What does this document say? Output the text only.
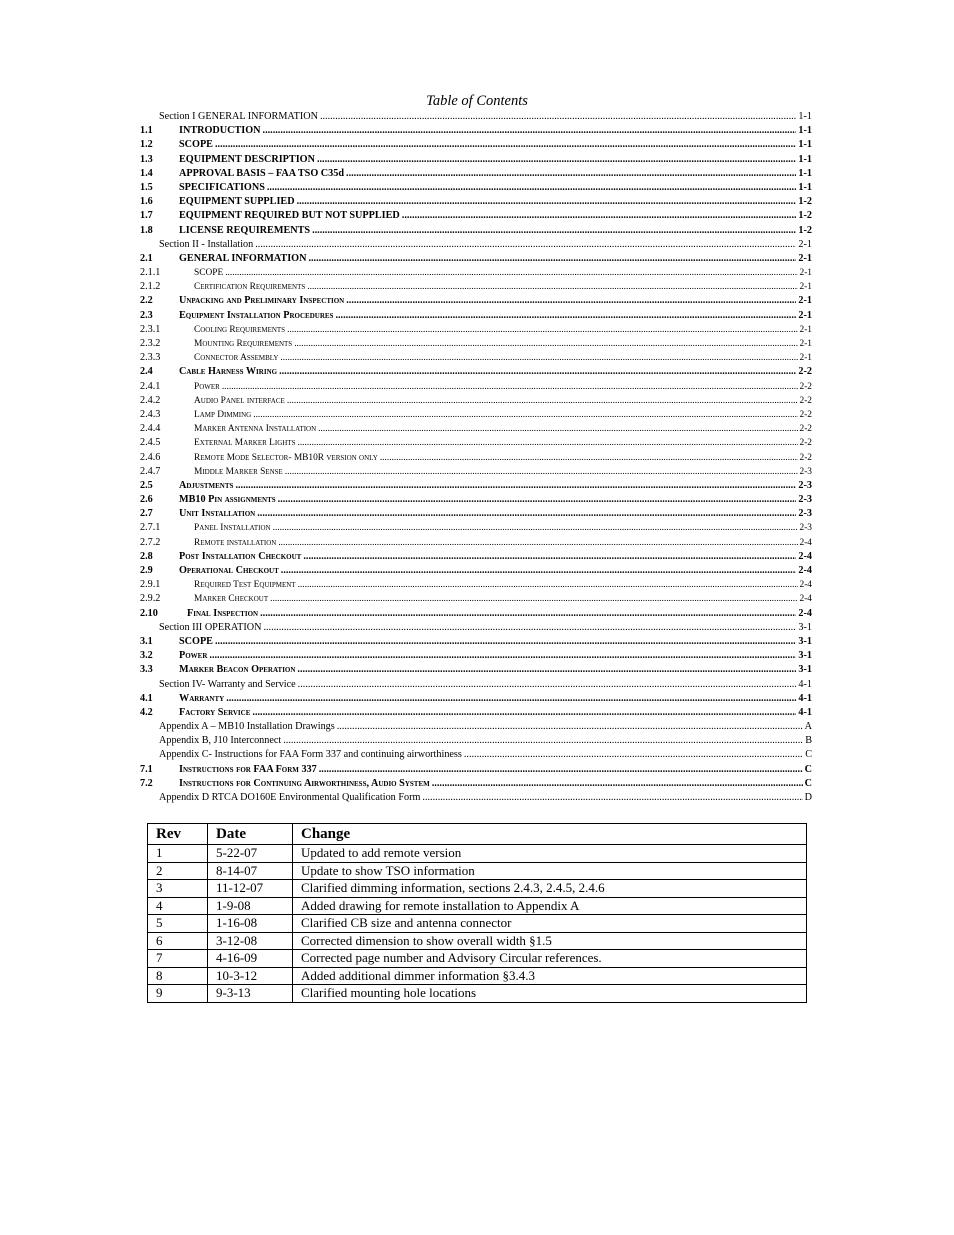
Table of Contents
Section I GENERAL INFORMATION .....	1-1
1.1	INTRODUCTION .....	1-1
1.2	SCOPE .....	1-1
1.3	EQUIPMENT DESCRIPTION .....	1-1
1.4	APPROVAL BASIS – FAA TSO C35d .....	1-1
1.5	SPECIFICATIONS .....	1-1
1.6	EQUIPMENT SUPPLIED .....	1-2
1.7	EQUIPMENT REQUIRED BUT NOT SUPPLIED .....	1-2
1.8	LICENSE REQUIREMENTS .....	1-2
Section II - Installation .....	2-1
2.1	GENERAL INFORMATION .....	2-1
2.1.1	SCOPE .....	2-1
2.1.2	Certification Requirements .....	2-1
2.2	Unpacking and Preliminary Inspection .....	2-1
2.3	Equipment Installation Procedures .....	2-1
2.3.1	Cooling Requirements .....	2-1
2.3.2	Mounting Requirements .....	2-1
2.3.3	Connector Assembly .....	2-1
2.4	Cable Harness Wiring .....	2-2
2.4.1	Power .....	2-2
2.4.2	Audio Panel interface .....	2-2
2.4.3	Lamp Dimming .....	2-2
2.4.4	Marker Antenna Installation .....	2-2
2.4.5	External Marker Lights .....	2-2
2.4.6	Remote Mode Selector- MB10R version only .....	2-2
2.4.7	Middle Marker Sense .....	2-3
2.5	Adjustments .....	2-3
2.6	MB10 Pin assignments .....	2-3
2.7	Unit Installation .....	2-3
2.7.1	Panel Installation .....	2-3
2.7.2	Remote installation .....	2-4
2.8	Post Installation Checkout .....	2-4
2.9	Operational Checkout .....	2-4
2.9.1	Required Test Equipment .....	2-4
2.9.2	Marker Checkout .....	2-4
2.10	Final Inspection .....	2-4
Section III OPERATION .....	3-1
3.1	SCOPE .....	3-1
3.2	Power .....	3-1
3.3	Marker Beacon Operation .....	3-1
Section IV- Warranty and Service .....	4-1
4.1	Warranty .....	4-1
4.2	Factory Service .....	4-1
Appendix A – MB10 Installation Drawings .....	A
Appendix B, J10 Interconnect .....	B
Appendix C- Instructions for FAA Form 337 and continuing airworthiness .....	C
7.1	Instructions for FAA Form 337 .....	C
7.2	Instructions for Continuing Airworthiness, Audio System .....	C
Appendix D RTCA DO160E Environmental Qualification Form .....	D
Rev	Date	Change
1	5-22-07	Updated to add remote version
2	8-14-07	Update to show TSO information
3	11-12-07	Clarified dimming information, sections 2.4.3, 2.4.5, 2.4.6
4	1-9-08	Added drawing for remote installation to Appendix A
5	1-16-08	Clarified CB size and antenna connector
6	3-12-08	Corrected dimension to show overall width §1.5
7	4-16-09	Corrected page number and Advisory Circular references.
8	10-3-12	Added additional dimmer information §3.4.3
9	9-3-13	Clarified mounting hole locations
